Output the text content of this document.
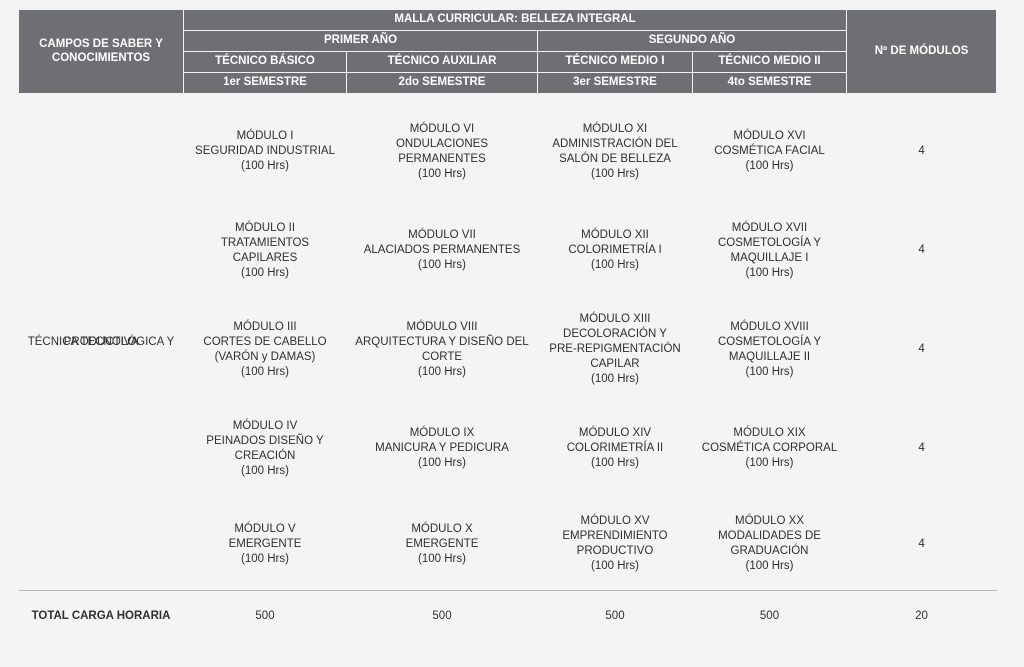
CAMPOS DE SABER Y CONOCIMIENTOS	MALLA CURRICULAR: BELLEZA INTEGRAL				Nº DE MÓDULOS
	PRIMER AÑO		SEGUNDO AÑO		
	TÉCNICO BÁSICO	TÉCNICO AUXILIAR	TÉCNICO MEDIO I	TÉCNICO MEDIO II	
	1er SEMESTRE	2do SEMESTRE	3er SEMESTRE	4to SEMESTRE	
TÉCNICA TECNOLÓGICA Y PRODUCTIVA					

	MÓDULO I
SEGURIDAD INDUSTRIAL
(100 Hrs)	MÓDULO VI
ONDULACIONES PERMANENTES
(100 Hrs)	MÓDULO XI
ADMINISTRACIÓN DEL
SALÓN DE BELLEZA
(100 Hrs)	MÓDULO XVI
COSMÉTICA FACIAL
(100 Hrs)	4

	MÓDULO II
TRATAMIENTOS CAPILARES
(100 Hrs)	MÓDULO VII
ALACIADOS PERMANENTES
(100 Hrs)	MÓDULO XII
COLORIMETRÍA I
(100 Hrs)	MÓDULO XVII
COSMETOLOGÍA Y
MAQUILLAJE I
(100 Hrs)	4

	MÓDULO III
CORTES DE CABELLO
(VARÓN y DAMAS)
(100 Hrs)	MÓDULO VIII
ARQUITECTURA Y DISEÑO DEL
CORTE
(100 Hrs)	MÓDULO XIII
DECOLORACIÓN Y
PRE-REPIGMENTACIÓN
CAPILAR
(100 Hrs)	MÓDULO XVIII
COSMETOLOGÍA Y
MAQUILLAJE II
(100 Hrs)	4

	MÓDULO IV
PEINADOS DISEÑO Y
CREACIÓN
(100 Hrs)	MÓDULO IX
MANICURA Y PEDICURA
(100 Hrs)	MÓDULO XIV
COLORIMETRÍA II
(100 Hrs)	MÓDULO XIX
COSMÉTICA CORPORAL
(100 Hrs)	4

	MÓDULO V
EMERGENTE
(100 Hrs)	MÓDULO X
EMERGENTE
(100 Hrs)	MÓDULO XV
EMPRENDIMIENTO
PRODUCTIVO
(100 Hrs)	MÓDULO XX
MODALIDADES DE
GRADUACIÓN
(100 Hrs)	4
TOTAL CARGA HORARIA	500	500	500	500	20
